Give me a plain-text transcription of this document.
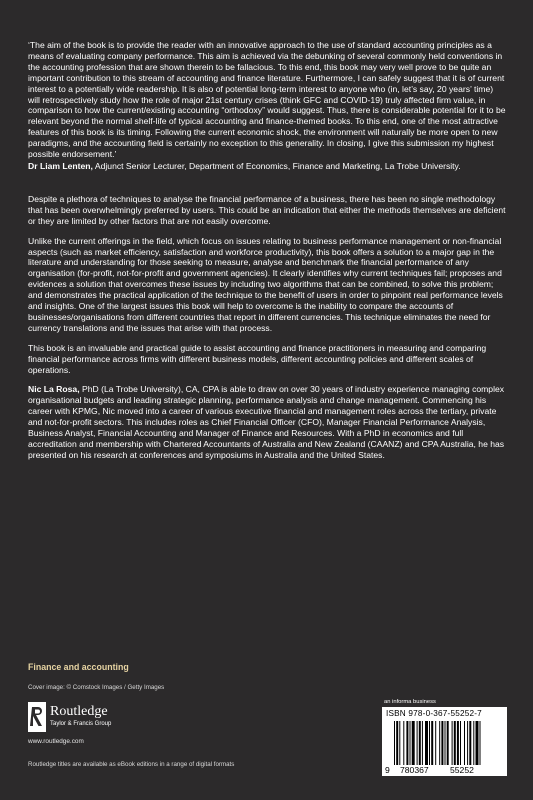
‘The aim of the book is to provide the reader with an innovative approach to the use of standard accounting principles as a means of evaluating company performance. This aim is achieved via the debunking of several commonly held conventions in the accounting profession that are shown therein to be fallacious. To this end, this book may very well prove to be quite an important contribution to this stream of accounting and finance literature. Furthermore, I can safely suggest that it is of current interest to a potentially wide readership. It is also of potential long-term interest to anyone who (in, let’s say, 20 years’ time) will retrospectively study how the role of major 21st century crises (think GFC and COVID-19) truly affected firm value, in comparison to how the current/existing accounting “orthodoxy” would suggest. Thus, there is considerable potential for it to be relevant beyond the normal shelf-life of typical accounting and finance-themed books. To this end, one of the most attractive features of this book is its timing. Following the current economic shock, the environment will naturally be more open to new paradigms, and the accounting field is certainly no exception to this generality. In closing, I give this submission my highest possible endorsement.’

Dr Liam Lenten, Adjunct Senior Lecturer, Department of Economics, Finance and Marketing, La Trobe University.

Despite a plethora of techniques to analyse the financial performance of a business, there has been no single methodology that has been overwhelmingly preferred by users. This could be an indication that either the methods themselves are deficient or they are limited by other factors that are not easily overcome.

Unlike the current offerings in the field, which focus on issues relating to business performance management or non-financial aspects (such as market efficiency, satisfaction and workforce productivity), this book offers a solution to a major gap in the literature and understanding for those seeking to measure, analyse and benchmark the financial performance of any organisation (for-profit, not-for-profit and government agencies). It clearly identifies why current techniques fail; proposes and evidences a solution that overcomes these issues by including two algorithms that can be combined, to solve this problem; and demonstrates the practical application of the technique to the benefit of users in order to pinpoint real performance levels and insights. One of the largest issues this book will help to overcome is the inability to compare the accounts of businesses/organisations from different countries that report in different currencies. This technique eliminates the need for currency translations and the issues that arise with that process.

This book is an invaluable and practical guide to assist accounting and finance practitioners in measuring and comparing financial performance across firms with different business models, different accounting policies and different scales of operations.

Nic La Rosa, PhD (La Trobe University), CA, CPA is able to draw on over 30 years of industry experience managing complex organisational budgets and leading strategic planning, performance analysis and change management. Commencing his career with KPMG, Nic moved into a career of various executive financial and management roles across the tertiary, private and not-for-profit sectors. This includes roles as Chief Financial Officer (CFO), Manager Financial Performance Analysis, Business Analyst, Financial Accounting and Manager of Finance and Resources. With a PhD in economics and full accreditation and membership with Chartered Accountants of Australia and New Zealand (CAANZ) and CPA Australia, he has presented on his research at conferences and symposiums in Australia and the United States.

Finance and accounting
Cover image: © Comstock Images / Getty Images
Routledge
Taylor & Francis Group
www.routledge.com
Routledge titles are available as eBook editions in a range of digital formats
an informa business
ISBN 978-0-367-55252-7
9 780367 55252
